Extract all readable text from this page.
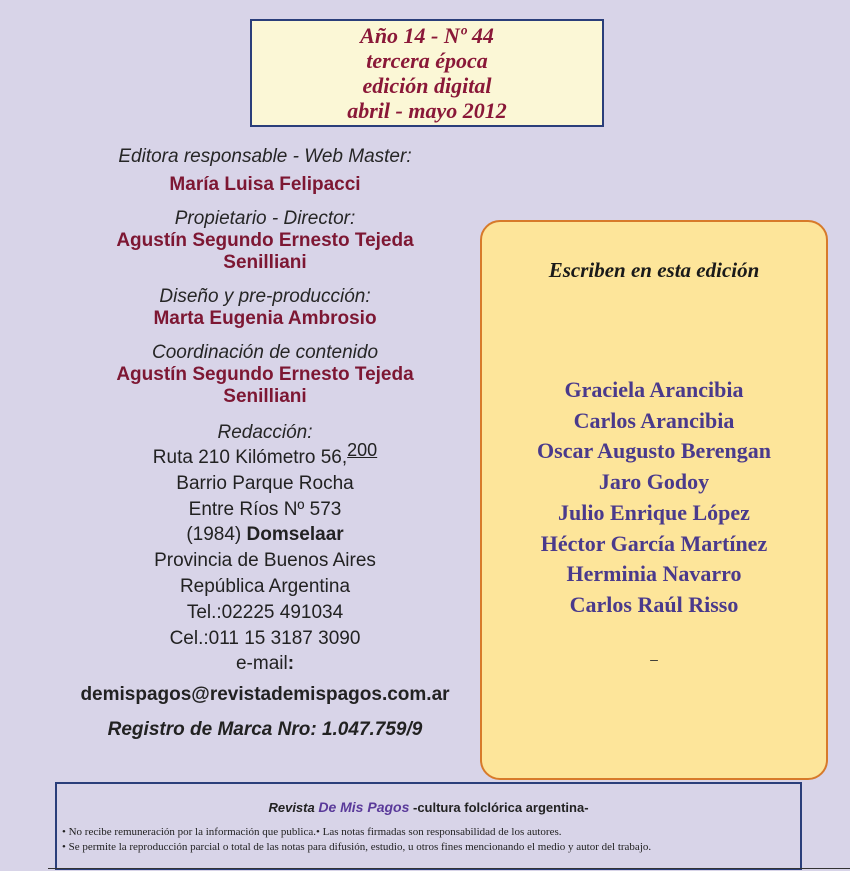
Año 14 - Nº 44
tercera época
edición digital
abril - mayo 2012
Editora responsable - Web Master:
María Luisa Felipacci
Propietario - Director:
Agustín Segundo Ernesto Tejeda
Senilliani
Diseño y pre-producción:
Marta Eugenia Ambrosio
Coordinación de contenido
Agustín Segundo Ernesto Tejeda
Senilliani
Redacción:
Ruta 210 Kilómetro 56,200
Barrio Parque Rocha
Entre Ríos Nº 573
(1984) Domselaar
Provincia de Buenos Aires
República Argentina
Tel.:02225 491034
Cel.:011 15 3187 3090
e-mail:
demispagos@revistademispagos.com.ar
Registro de Marca Nro: 1.047.759/9
Escriben en esta edición
Graciela Arancibia
Carlos Arancibia
Oscar Augusto Berengan
Jaro Godoy
Julio Enrique López
Héctor García Martínez
Herminia Navarro
Carlos Raúl Risso
–
Revista De Mis Pagos -cultura folclórica argentina-
• No recibe remuneración por la información que publica.• Las notas firmadas son responsabilidad de los autores.
• Se permite la reproducción parcial o total de las notas para difusión, estudio, u otros fines mencionando el medio y autor del trabajo.
